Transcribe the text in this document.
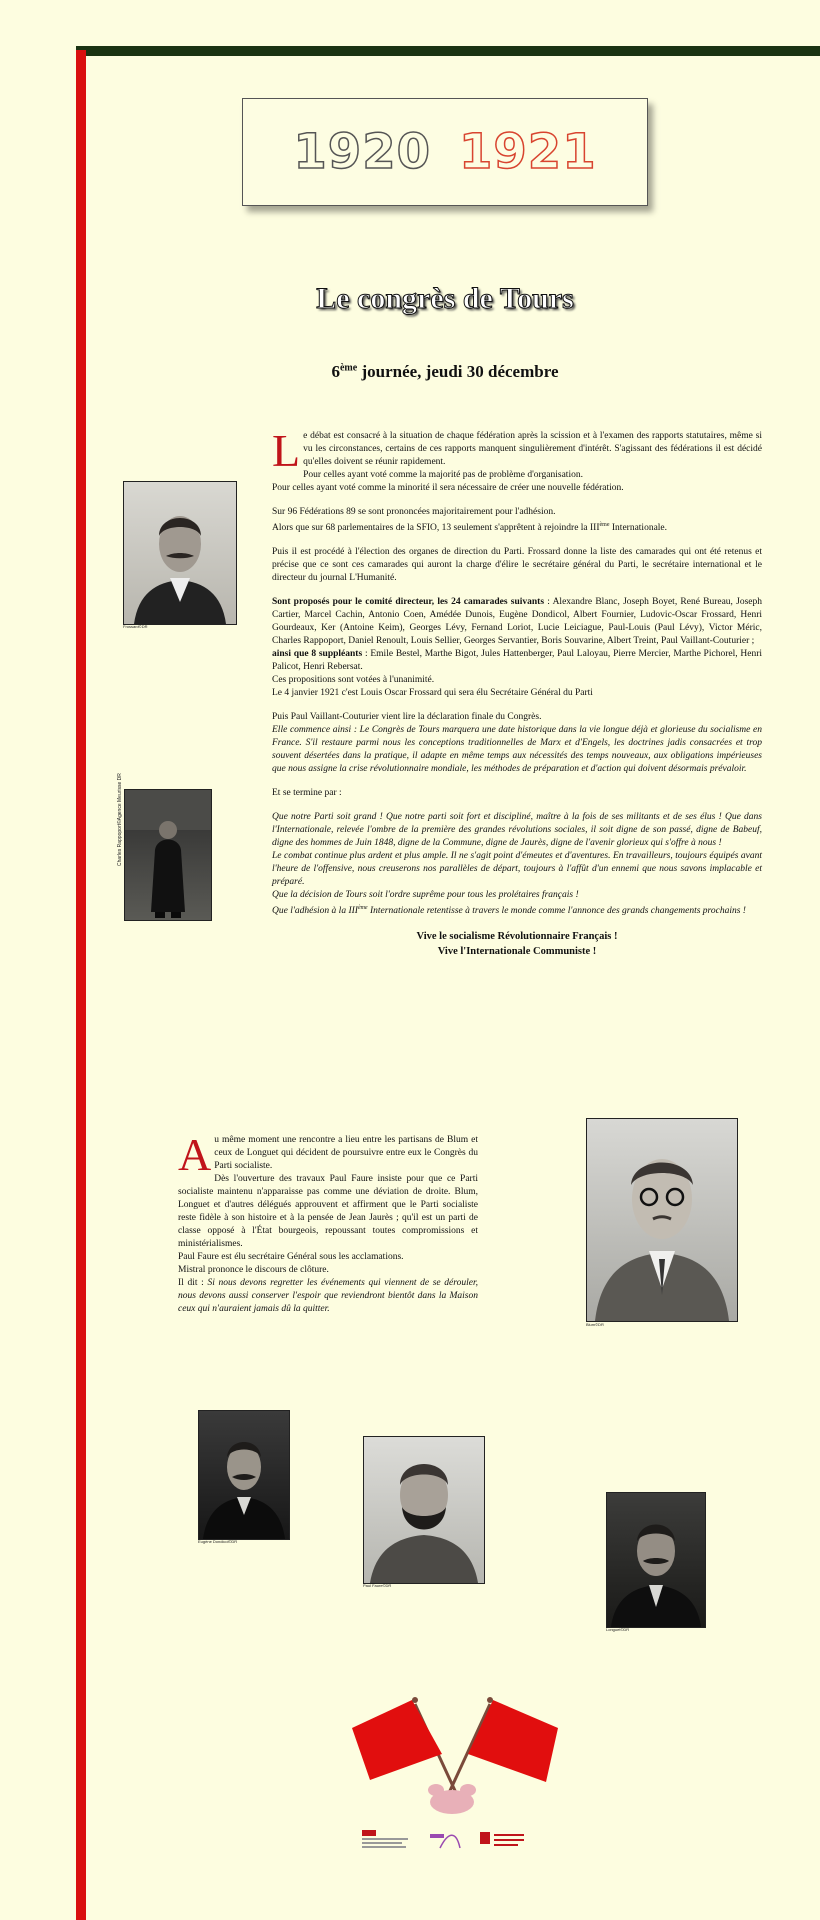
1920 1921
Le congrès de Tours
6ème journée, jeudi 30 décembre

Le débat est consacré à la situation de chaque fédération après la scission et à l'examen des rapports statutaires, même si vu les circonstances, certains de ces rapports manquent singulièrement d'intérêt. S'agissant des fédérations il est décidé qu'elles doivent se réunir rapidement.
Pour celles ayant voté comme la majorité pas de problème d'organisation.
Pour celles ayant voté comme la minorité il sera nécessaire de créer une nouvelle fédération.

Sur 96 Fédérations 89 se sont prononcées majoritairement pour l'adhésion.
Alors que sur 68 parlementaires de la SFIO, 13 seulement s'apprêtent à rejoindre la IIIème Internationale.

Puis il est procédé à l'élection des organes de direction du Parti. Frossard donne la liste des camarades qui ont été retenus et précise que ce sont ces camarades qui auront la charge d'élire le secrétaire général du Parti, le secrétaire international et le directeur du journal L'Humanité.

Sont proposés pour le comité directeur, les 24 camarades suivants : Alexandre Blanc, Joseph Boyet, René Bureau, Joseph Cartier, Marcel Cachin, Antonio Coen, Amédée Dunois, Eugène Dondicol, Albert Fournier, Ludovic-Oscar Frossard, Henri Gourdeaux, Ker (Antoine Keim), Georges Lévy, Fernand Loriot, Lucie Leiciague, Paul-Louis (Paul Lévy), Victor Méric, Charles Rappoport, Daniel Renoult, Louis Sellier, Georges Servantier, Boris Souvarine, Albert Treint, Paul Vaillant-Couturier ;
ainsi que 8 suppléants : Emile Bestel, Marthe Bigot, Jules Hattenberger, Paul Laloyau, Pierre Mercier, Marthe Pichorel, Henri Palicot, Henri Rebersat.
Ces propositions sont votées à l'unanimité.
Le 4 janvier 1921 c'est Louis Oscar Frossard qui sera élu Secrétaire Général du Parti

Puis Paul Vaillant-Couturier vient lire la déclaration finale du Congrès.
Elle commence ainsi : Le Congrès de Tours marquera une date historique dans la vie longue déjà et glorieuse du socialisme en France. S'il restaure parmi nous les conceptions traditionnelles de Marx et d'Engels, les doctrines jadis consacrées et trop souvent désertées dans la pratique, il adapte en même temps aux nécessités des temps nouveaux, aux obligations impérieuses que nous assigne la crise révolutionnaire mondiale, les méthodes de préparation et d'action qui doivent désormais prévaloir.

Et se termine par :

Que notre Parti soit grand ! Que notre parti soit fort et discipliné, maître à la fois de ses militants et de ses élus ! Que dans l'Internationale, relevée l'ombre de la première des grandes révolutions sociales, il soit digne de son passé, digne de Babeuf, digne des hommes de Juin 1848, digne de la Commune, digne de Jaurès, digne de l'avenir glorieux qui s'offre à nous !
Le combat continue plus ardent et plus ample. Il ne s'agit point d'émeutes et d'aventures. En travailleurs, toujours équipés avant l'heure de l'offensive, nous creuserons nos parallèles de départ, toujours à l'affût d'un ennemi que nous savons implacable et préparé.
Que la décision de Tours soit l'ordre suprême pour tous les prolétaires français !
Que l'adhésion à la IIIème Internationale retentisse à travers le monde comme l'annonce des grands changements prochains !

Vive le socialisme Révolutionnaire Français !
Vive l'Internationale Communiste !

Au même moment une rencontre a lieu entre les partisans de Blum et ceux de Longuet qui décident de poursuivre entre eux le Congrès du Parti socialiste.

Dès l'ouverture des travaux Paul Faure insiste pour que ce Parti socialiste maintenu n'apparaisse pas comme une déviation de droite. Blum, Longuet et d'autres délégués approuvent et affirment que le Parti socialiste reste fidèle à son histoire et à la pensée de Jean Jaurès ; qu'il est un parti de classe opposé à l'État bourgeois, repoussant toutes compromissions et ministérialismes.

Paul Faure est élu secrétaire Général sous les acclamations.

Mistral prononce le discours de clôture.

Il dit : Si nous devons regretter les événements qui viennent de se dérouler, nous devons aussi conserver l'espoir que reviendront bientôt dans la Maison ceux qui n'auraient jamais dû la quitter.

Frossard©DR
Charles Rappoport©Agence Meurisse DR
Blum©DR
Eugène Dondicol©DR
Paul Faure©DR
Longuet©DR
